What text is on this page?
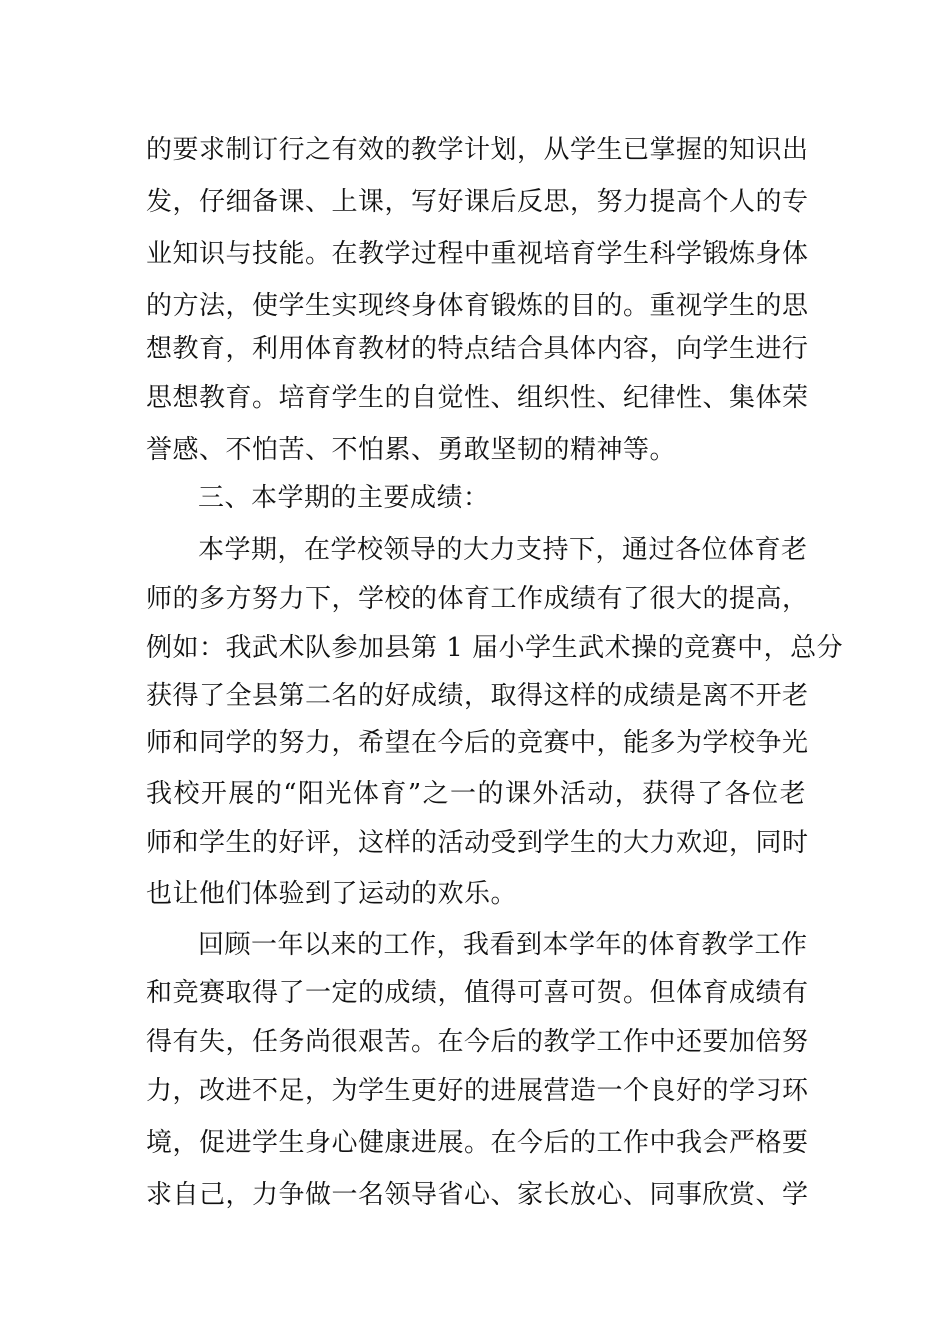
的要求制订行之有效的教学计划，从学生已掌握的知识出
发，仔细备课、上课，写好课后反思，努力提高个人的专
业知识与技能。在教学过程中重视培育学生科学锻炼身体
的方法，使学生实现终身体育锻炼的目的。重视学生的思
想教育，利用体育教材的特点结合具体内容，向学生进行
思想教育。培育学生的自觉性、组织性、纪律性、集体荣
誉感、不怕苦、不怕累、勇敢坚韧的精神等。
三、本学期的主要成绩：
本学期，在学校领导的大力支持下，通过各位体育老
师的多方努力下，学校的体育工作成绩有了很大的提高，
例如：我武术队参加县第 1 届小学生武术操的竞赛中，总分
获得了全县第二名的好成绩，取得这样的成绩是离不开老
师和同学的努力，希望在今后的竞赛中，能多为学校争光
我校开展的“阳光体育”之一的课外活动，获得了各位老
师和学生的好评，这样的活动受到学生的大力欢迎，同时
也让他们体验到了运动的欢乐。
回顾一年以来的工作，我看到本学年的体育教学工作
和竞赛取得了一定的成绩，值得可喜可贺。但体育成绩有
得有失，任务尚很艰苦。在今后的教学工作中还要加倍努
力，改进不足，为学生更好的进展营造一个良好的学习环
境，促进学生身心健康进展。在今后的工作中我会严格要
求自己，力争做一名领导省心、家长放心、同事欣赏、学
